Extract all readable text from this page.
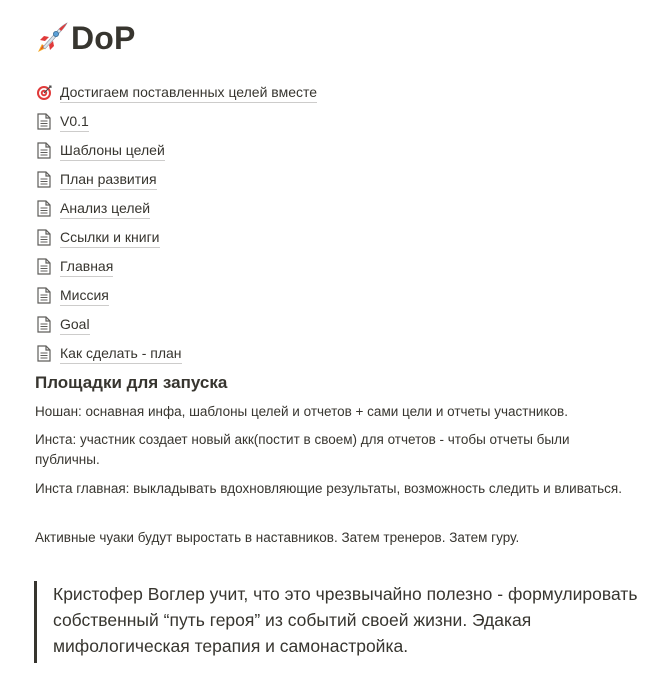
DoP
Достигаем поставленных целей вместе
V0.1
Шаблоны целей
План развития
Анализ целей
Ссылки и книги
Главная
Миссия
Goal
Как сделать - план
Площадки для запуска

Ношан: оснавная инфа, шаблоны целей и отчетов + сами цели и отчеты участников.

Инста: участник создает новый акк(постит в своем) для отчетов - чтобы отчеты были публичны.

Инста главная: выкладывать вдохновляющие результаты, возможность следить и вливаться.

Активные чуаки будут выростать в наставников. Затем тренеров. Затем гуру.

Кристофер Воглер учит, что это чрезвычайно полезно - формулировать собственный “путь героя” из событий своей жизни. Эдакая мифологическая терапия и самонастройка.
